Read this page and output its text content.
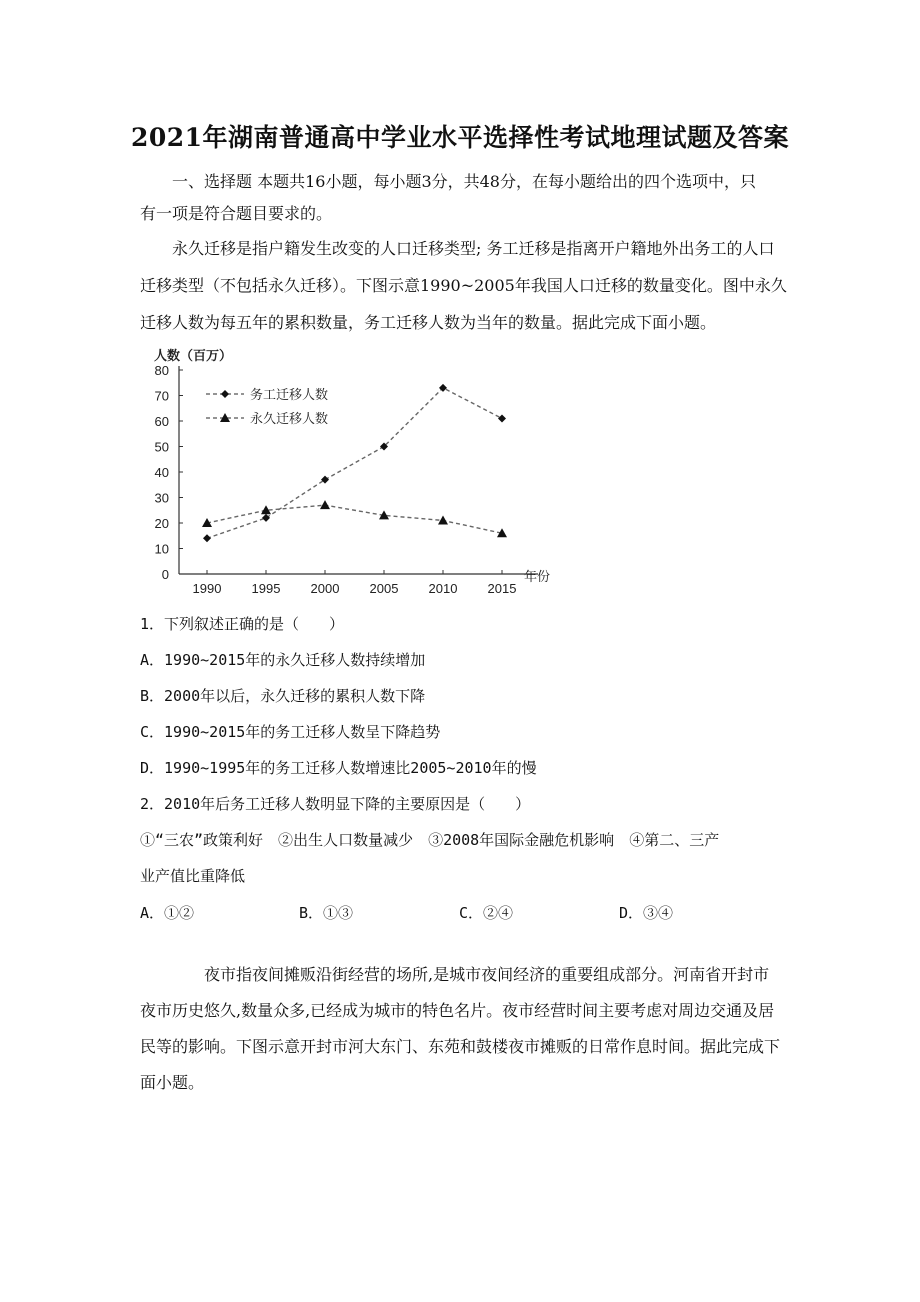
2021年湖南普通高中学业水平选择性考试地理试题及答案
一、选择题 本题共16小题，每小题3分，共48分，在每小题给出的四个选项中，只
有一项是符合题目要求的。
永久迁移是指户籍发生改变的人口迁移类型; 务工迁移是指离开户籍地外出务工的人口
迁移类型（不包括永久迁移）。下图示意1990~2005年我国人口迁移的数量变化。图中永久
迁移人数为每五年的累积数量，务工迁移人数为当年的数量。据此完成下面小题。
人数（百万）
0
10
20
30
40
50
60
70
80
1990 1995 2000 2005 2010 2015
年份
务工迁移人数
永久迁移人数
1．下列叙述正确的是（　　）
A．1990~2015年的永久迁移人数持续增加
B．2000年以后，永久迁移的累积人数下降
C．1990~2015年的务工迁移人数呈下降趋势
D．1990~1995年的务工迁移人数增速比2005~2010年的慢
2．2010年后务工迁移人数明显下降的主要原因是（　　）
①“三农”政策利好　②出生人口数量减少　③2008年国际金融危机影响　④第二、三产
业产值比重降低
A．①②	B．①③	C．②④	D．③④
夜市指夜间摊贩沿街经营的场所,是城市夜间经济的重要组成部分。河南省开封市
夜市历史悠久,数量众多,已经成为城市的特色名片。夜市经营时间主要考虑对周边交通及居
民等的影响。下图示意开封市河大东门、东苑和鼓楼夜市摊贩的日常作息时间。据此完成下
面小题。
